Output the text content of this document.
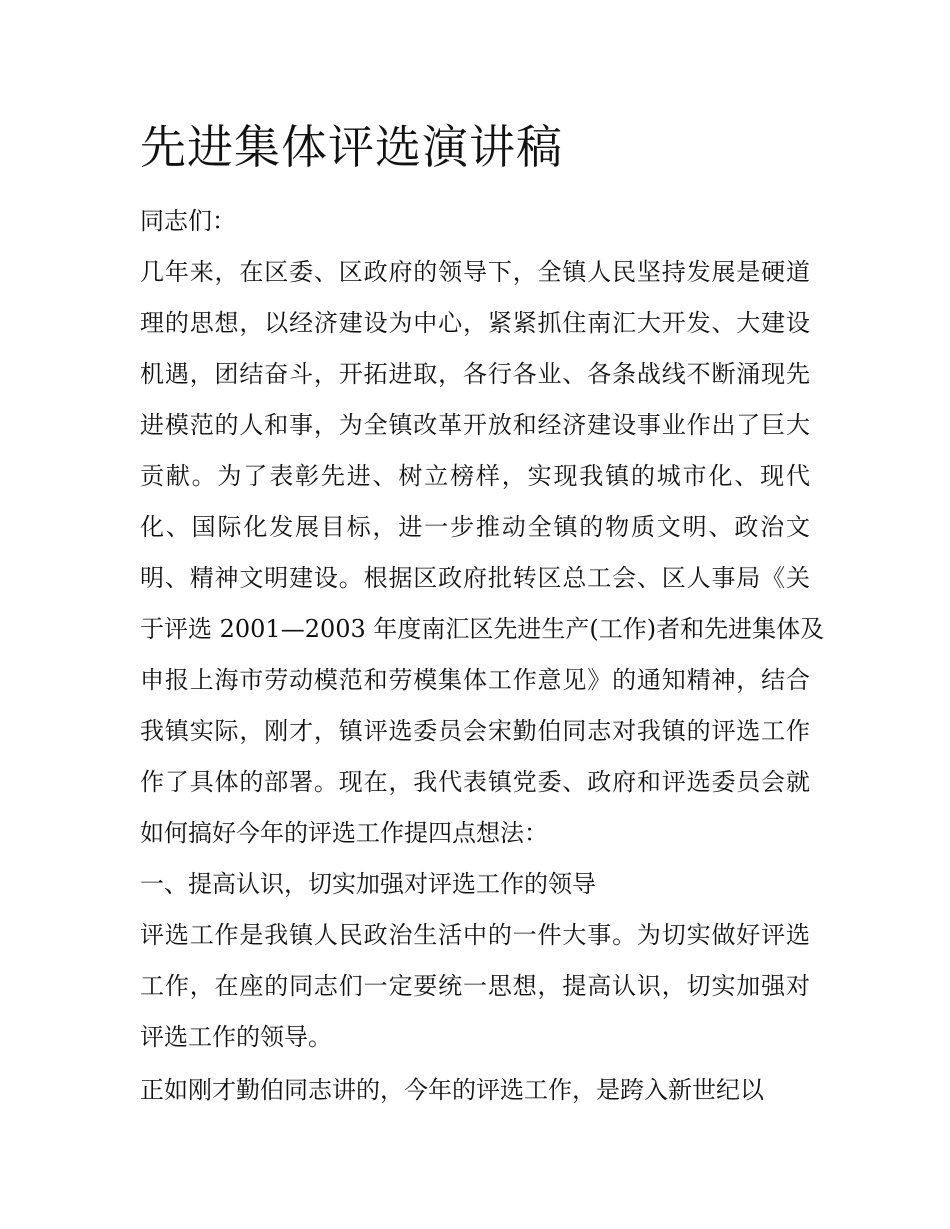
先进集体评选演讲稿

同志们：

几年来，在区委、区政府的领导下，全镇人民坚持发展是硬道

理的思想，以经济建设为中心，紧紧抓住南汇大开发、大建设

机遇，团结奋斗，开拓进取，各行各业、各条战线不断涌现先

进模范的人和事，为全镇改革开放和经济建设事业作出了巨大

贡献。为了表彰先进、树立榜样，实现我镇的城市化、现代

化、国际化发展目标，进一步推动全镇的物质文明、政治文

明、精神文明建设。根据区政府批转区总工会、区人事局《关

于评选 2001—2003 年度南汇区先进生产(工作)者和先进集体及

申报上海市劳动模范和劳模集体工作意见》的通知精神，结合

我镇实际，刚才，镇评选委员会宋勤伯同志对我镇的评选工作

作了具体的部署。现在，我代表镇党委、政府和评选委员会就

如何搞好今年的评选工作提四点想法：

一、提高认识，切实加强对评选工作的领导

评选工作是我镇人民政治生活中的一件大事。为切实做好评选

工作，在座的同志们一定要统一思想，提高认识，切实加强对

评选工作的领导。

正如刚才勤伯同志讲的，今年的评选工作，是跨入新世纪以
